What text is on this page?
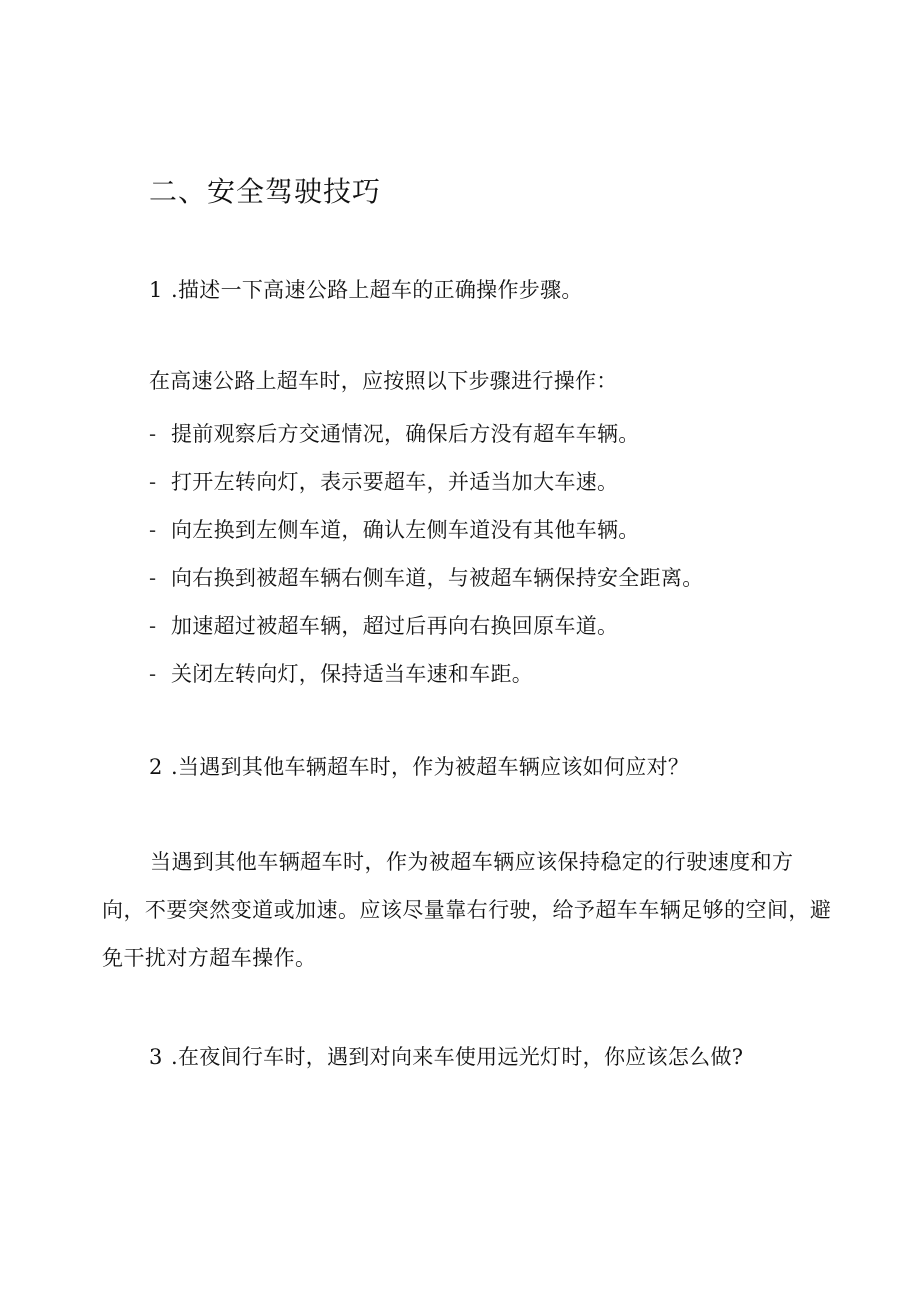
二、安全驾驶技巧

1 .描述一下高速公路上超车的正确操作步骤。

在高速公路上超车时，应按照以下步骤进行操作：

- 提前观察后方交通情况，确保后方没有超车车辆。
- 打开左转向灯，表示要超车，并适当加大车速。
- 向左换到左侧车道，确认左侧车道没有其他车辆。
- 向右换到被超车辆右侧车道，与被超车辆保持安全距离。
- 加速超过被超车辆，超过后再向右换回原车道。
- 关闭左转向灯，保持适当车速和车距。

2 .当遇到其他车辆超车时，作为被超车辆应该如何应对？

当遇到其他车辆超车时，作为被超车辆应该保持稳定的行驶速度和方向，不要突然变道或加速。应该尽量靠右行驶，给予超车车辆足够的空间，避免干扰对方超车操作。

3 .在夜间行车时，遇到对向来车使用远光灯时，你应该怎么做?
